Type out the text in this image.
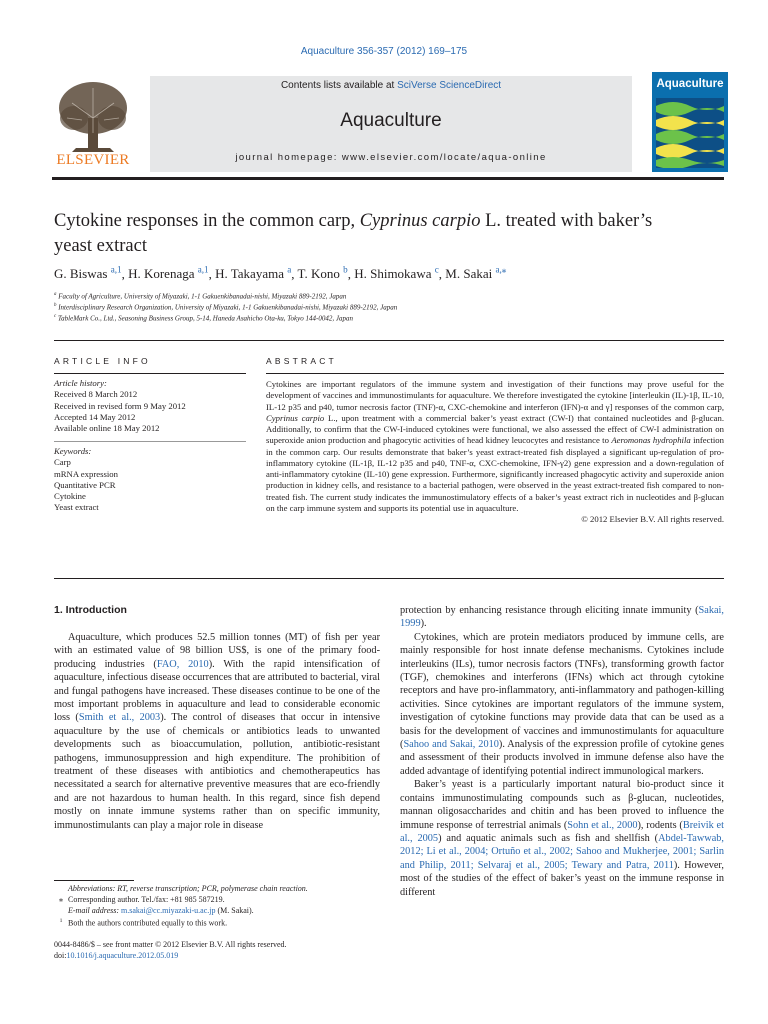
Aquaculture 356-357 (2012) 169–175
ELSEVIER
Contents lists available at SciVerse ScienceDirect
Aquaculture
journal homepage: www.elsevier.com/locate/aqua-online
Aquaculture
Cytokine responses in the common carp, Cyprinus carpio L. treated with baker’s
yeast extract
G. Biswas $^{a,1}$, H. Korenaga $^{a,1}$, H. Takayama $^a$, T. Kono $^b$, H. Shimokawa $^c$, M. Sakai $^{a,⁎}$
$^a$ Faculty of Agriculture, University of Miyazaki, 1-1 Gakuenkibanadai-nishi, Miyazaki 889-2192, Japan
$^b$ Interdisciplinary Research Organization, University of Miyazaki, 1-1 Gakuenkibanadai-nishi, Miyazaki 889-2192, Japan
$^c$ TableMark Co., Ltd., Seasoning Business Group, 5-14, Haneda Asahicho Ota-ku, Tokyo 144-0042, Japan
ARTICLE INFO
Article history:
Received 8 March 2012
Received in revised form 9 May 2012
Accepted 14 May 2012
Available online 18 May 2012
Keywords:
Carp
mRNA expression
Quantitative PCR
Cytokine
Yeast extract
ABSTRACT
Cytokines are important regulators of the immune system and investigation of their functions may prove useful for the development of vaccines and immunostimulants for aquaculture. We therefore investigated the cytokine [interleukin (IL)-1β, IL-10, IL-12 p35 and p40, tumor necrosis factor (TNF)-α, CXC-chemokine and interferon (IFN)-α and γ] responses of the common carp, Cyprinus carpio L., upon treatment with a commercial baker’s yeast extract (CW-I) that contained nucleotides and β-glucan. Additionally, to confirm that the CW-I-induced cytokines were functional, we also assessed the effect of CW-I administration on superoxide anion production and phagocytic activities of head kidney leucocytes and resistance to Aeromonas hydrophila infection in the common carp. Our results demonstrate that baker’s yeast extract-treated fish displayed a significant up-regulation of pro-inflammatory cytokine (IL-1β, IL-12 p35 and p40, TNF-α, CXC-chemokine, IFN-γ2) gene expression and a down-regulation of anti-inflammatory cytokine (IL-10) gene expression. Furthermore, significantly increased phagocytic activity and superoxide anion production in kidney cells, and resistance to a bacterial pathogen, were observed in the yeast extract-treated fish compared to non-treated fish. The current study indicates the immunostimulatory effects of a baker’s yeast extract rich in nucleotides and β-glucan on the carp immune system and supports its potential use in aquaculture.
© 2012 Elsevier B.V. All rights reserved.
1. Introduction

Aquaculture, which produces 52.5 million tonnes (MT) of fish per year with an estimated value of 98 billion US$, is one of the primary food-producing industries (FAO, 2010). With the rapid intensification of aquaculture, infectious disease occurrences that are attributed to bacterial, viral and fungal pathogens have increased. These diseases continue to be one of the most important problems in aquaculture and lead to considerable economic loss (Smith et al., 2003). The control of diseases that occur in intensive aquaculture by the use of chemicals or antibiotics leads to unwanted developments such as bioaccumulation, pollution, antibiotic-resistant pathogens, immunosuppression and high expenditure. The prohibition of treatment of these diseases with antibiotics and chemotherapeutics has necessitated a search for alternative preventive measures that are eco-friendly and are not hazardous to human health. In this regard, since fish depend mostly on innate immune systems rather than on specific immunity, immunostimulants can play a major role in disease

protection by enhancing resistance through eliciting innate immunity (Sakai, 1999).

Cytokines, which are protein mediators produced by immune cells, are mainly responsible for host innate defense mechanisms. Cytokines include interleukins (ILs), tumor necrosis factors (TNFs), transforming growth factor (TGF), chemokines and interferons (IFNs) which act through cytokine receptors and have pro-inflammatory, anti-inflammatory and pathogen-killing activities. Since cytokines are important regulators of the immune system, investigation of cytokine functions may provide data that can be used as a basis for the development of vaccines and immunostimulants for aquaculture (Sahoo and Sakai, 2010). Analysis of the expression profile of cytokine genes and assessment of their products involved in immune defense also have the added advantage of identifying potential indirect immunological markers.

Baker’s yeast is a particularly important natural bio-product since it contains immunostimulating compounds such as β-glucan, nucleotides, mannan oligosaccharides and chitin and has been proved to influence the immune response of terrestrial animals (Sohn et al., 2000), rodents (Breivik et al., 2005) and aquatic animals such as fish and shellfish (Abdel-Tawwab, 2012; Li et al., 2004; Ortuño et al., 2002; Sahoo and Mukherjee, 2001; Sarlin and Philip, 2011; Selvaraj et al., 2005; Tewary and Patra, 2011). However, most of the studies of the effect of baker’s yeast on the immune response in different

Abbreviations: RT, reverse transcription; PCR, polymerase chain reaction.
⁎ Corresponding author. Tel./fax: +81 985 587219.
E-mail address: m.sakai@cc.miyazaki-u.ac.jp (M. Sakai).
$^1$ Both the authors contributed equally to this work.
0044-8486/$ – see front matter © 2012 Elsevier B.V. All rights reserved.
doi:10.1016/j.aquaculture.2012.05.019
